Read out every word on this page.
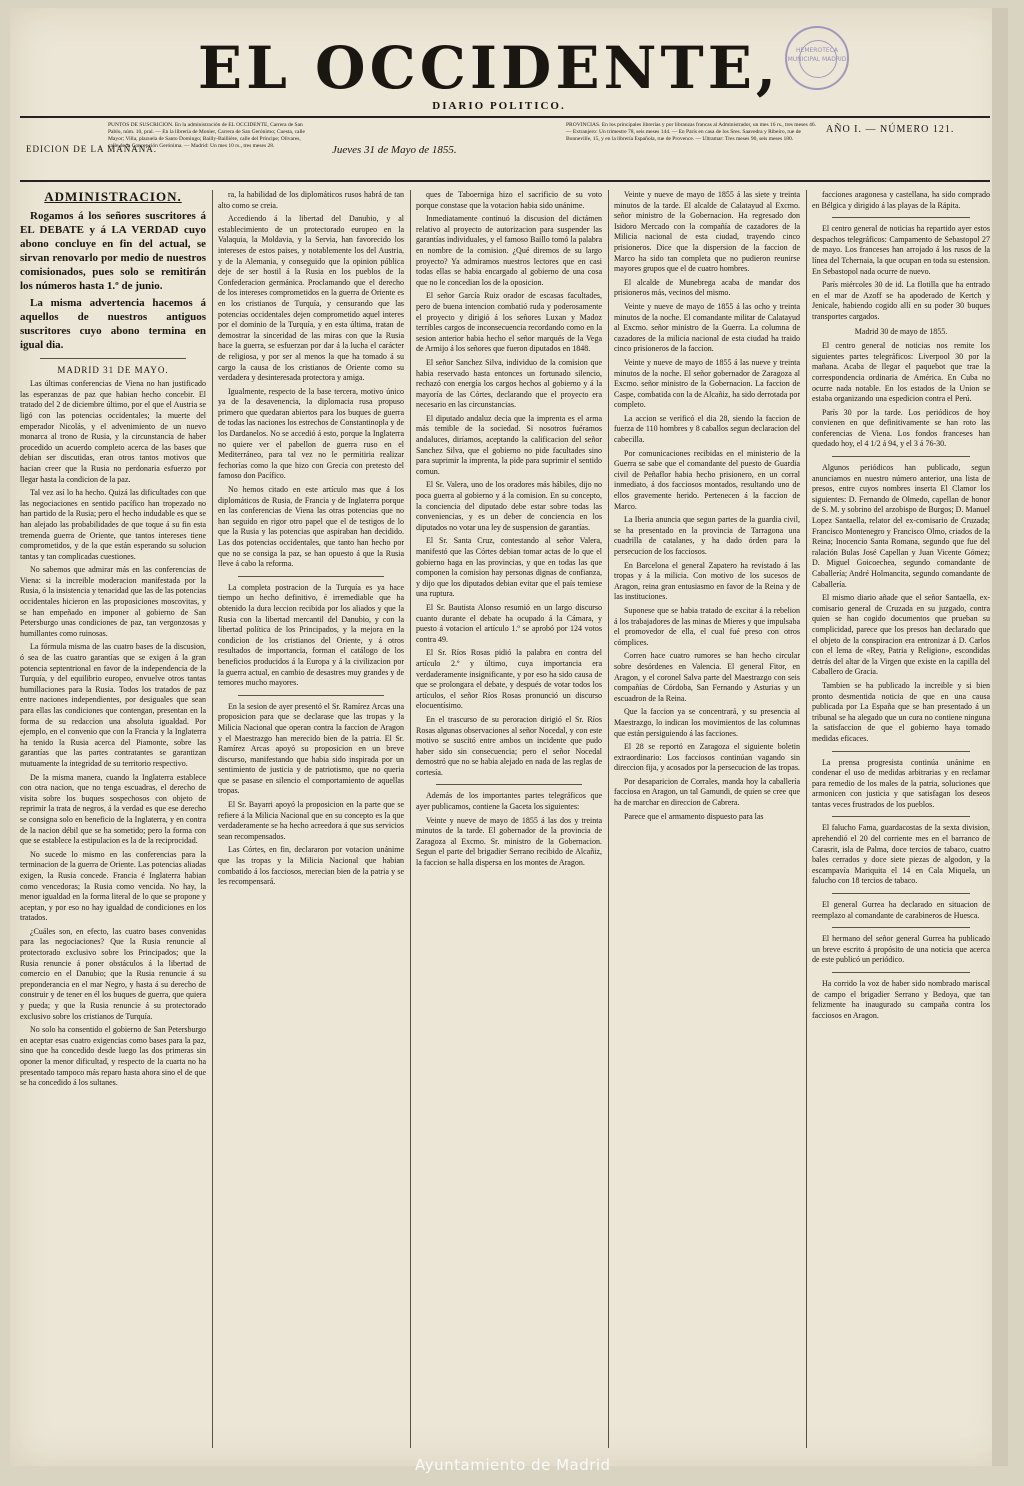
EL OCCIDENTE,
DIARIO POLITICO.
HEMEROTECA MUNICIPAL MADRID
EDICION DE LA MAÑANA.
PUNTOS DE SUSCRICION. En la administración de EL OCCIDENTE, Carrera de San Pablo, núm. 10, pral. — En la librería de Monier, Carrera de San Gerónimo; Cuesta, calle Mayor; Villa, plazuela de Santo Domingo; Bailly-Baillière, calle del Príncipe; Olivares, calle de la Concepción Gerónima. — Madrid: Un mes 10 rs., tres meses 28.	Jueves 31 de Mayo de 1855.
PROVINCIAS. En los principales librerías y por libranzas francas al Administrador, un mes 16 rs., tres meses 46. — Extranjero: Un trimestre 78, seis meses 144. — En París en casa de los Sres. Saavedra y Ribeiro, rue de Bonneville, 15, y en la librería Española, rue de Provence. — Ultramar: Tres meses 90, seis meses 180.
AÑO I. — NÚMERO 121.
ADMINISTRACION.

Rogamos á los señores suscritores á EL DEBATE y á LA VERDAD cuyo abono concluye en fin del actual, se sirvan renovarlo por medio de nuestros comisionados, pues solo se remitirán los números hasta 1.º de junio.

La misma advertencia hacemos á aquellos de nuestros antiguos suscritores cuyo abono termina en igual dia.

MADRID 31 DE MAYO.

Las últimas conferencias de Viena no han justificado las esperanzas de paz que habian hecho concebir. El tratado del 2 de diciembre último, por el que el Austria se ligó con las potencias occidentales; la muerte del emperador Nicolás, y el advenimiento de un nuevo monarca al trono de Rusia, y la circunstancia de haber procedido un acuerdo completo acerca de las bases que debian ser discutidas, eran otros tantos motivos que hacian creer que la Rusia no perdonaria esfuerzo por llegar hasta la condicion de la paz.

Tal vez así lo ha hecho. Quizá las dificultades con que las negociaciones en sentido pacífico han tropezado no han partido de la Rusia; pero el hecho indudable es que se han alejado las probabilidades de que toque á su fin esta tremenda guerra de Oriente, que tantos intereses tiene comprometidos, y de la que están esperando su solucion tantas y tan complicadas cuestiones.

No sabemos que admirar más en las conferencias de Viena: si la increible moderacion manifestada por la Rusia, ó la insistencia y tenacidad que las de las potencias occidentales hicieron en las proposiciones moscovitas, y se han empeñado en imponer al gobierno de San Petersburgo unas condiciones de paz, tan vergonzosas y humillantes como ruinosas.

La fórmula misma de las cuatro bases de la discusion, ó sea de las cuatro garantías que se exigen á la gran potencia septentrional en favor de la independencia de la Turquía, y del equilibrio europeo, envuelve otros tantas humillaciones para la Rusia. Todos los tratados de paz entre naciones independientes, por desiguales que sean para ellas las condiciones que contengan, presentan en la forma de su redaccion una absoluta igualdad. Por ejemplo, en el convenio que con la Francia y la Inglaterra ha tenido la Rusia acerca del Piamonte, sobre las garantías que las partes contratantes se garantizan mutuamente la integridad de su territorio respectivo.

De la misma manera, cuando la Inglaterra establece con otra nacion, que no tenga escuadras, el derecho de visita sobre los buques sospechosos con objeto de reprimir la trata de negros, á la verdad es que ese derecho se consigna solo en beneficio de la Inglaterra, y en contra de la nacion débil que se ha sometido; pero la forma con que se establece la estipulacion es la de la reciprocidad.

No sucede lo mismo en las conferencias para la terminacion de la guerra de Oriente. Las potencias aliadas exigen, la Rusia concede. Francia é Inglaterra habian como vencedoras; la Rusia como vencida. No hay, la menor igualdad en la forma literal de lo que se propone y aceptan, y por eso no hay igualdad de condiciones en los tratados.

¿Cuáles son, en efecto, las cuatro bases convenidas para las negociaciones? Que la Rusia renuncie al protectorado exclusivo sobre los Principados; que la Rusia renuncie á poner obstáculos á la libertad de comercio en el Danubio; que la Rusia renuncie á su preponderancia en el mar Negro, y hasta á su derecho de construir y de tener en él los buques de guerra, que quiera y pueda; y que la Rusia renuncie á su protectorado exclusivo sobre los cristianos de Turquía.

No solo ha consentido el gobierno de San Petersburgo en aceptar esas cuatro exigencias como bases para la paz, sino que ha concedido desde luego las dos primeras sin oponer la menor dificultad, y respecto de la cuarta no ha presentado tampoco más reparo hasta ahora sino el de que se ha concedido á los sultanes.

ra, la habilidad de los diplomáticos rusos habrá de tan alto como se creia.

Accediendo á la libertad del Danubio, y al establecimiento de un protectorado europeo en la Valaquia, la Moldavia, y la Servia, han favorecido los intereses de estos paises, y notablemente los del Austria, y de la Alemania, y conseguido que la opinion pública deje de ser hostil á la Rusia en los pueblos de la Confederacion germánica. Proclamando que el derecho de los intereses comprometidos en la guerra de Oriente es en los cristianos de Turquía, y censurando que las potencias occidentales dejen comprometido aquel interes por el dominio de la Turquía, y en esta última, tratan de demostrar la sinceridad de las miras con que la Rusia hace la guerra, se esfuerzan por dar á la lucha el carácter de religiosa, y por ser al menos la que ha tomado á su cargo la causa de los cristianos de Oriente como su verdadera y desinteresada protectora y amiga.

Igualmente, respecto de la base tercera, motivo único ya de la desavenencia, la diplomacia rusa propuso primero que quedaran abiertos para los buques de guerra de todas las naciones los estrechos de Constantinopla y de los Dardanelos. No se accedió á esto, porque la Inglaterra no quiere ver el pabellon de guerra ruso en el Mediterráneo, para tal vez no le permitiria realizar fechorías como la que hizo con Grecia con pretesto del famoso don Pacífico.

No hemos citado en este artículo mas que á los diplomáticos de Rusia, de Francia y de Inglaterra porque en las conferencias de Viena las otras potencias que no han seguido en rigor otro papel que el de testigos de lo que la Rusia y las potencias que aspiraban han decidido. Las dos potencias occidentales, que tanto han hecho por que no se consiga la paz, se han opuesto á que la Rusia lleve á cabo la reforma.

La completa postracion de la Turquía es ya hace tiempo un hecho definitivo, é irremediable que ha obtenido la dura leccion recibida por los aliados y que la Rusia con la libertad mercantil del Danubio, y con la libertad política de los Principados, y la mejora en la condicion de los cristianos del Oriente, y á otros resultados de importancia, forman el catálogo de los beneficios producidos á la Europa y á la civilizacion por la guerra actual, en cambio de desastres muy grandes y de temores mucho mayores.

En la sesion de ayer presentó el Sr. Ramírez Arcas una proposicion para que se declarase que las tropas y la Milicia Nacional que operan contra la faccion de Aragon y el Maestrazgo han merecido bien de la patria. El Sr. Ramírez Arcas apoyó su proposicion en un breve discurso, manifestando que habia sido inspirada por un sentimiento de justicia y de patriotismo, que no queria que se pasase en silencio el comportamiento de aquellas tropas.

El Sr. Bayarri apoyó la proposicion en la parte que se refiere á la Milicia Nacional que en su concepto es la que verdaderamente se ha hecho acreedora á que sus servicios sean recompensados.

Las Córtes, en fin, declararon por votacion unánime que las tropas y la Milicia Nacional que habian combatido á los facciosos, merecian bien de la patria y se les recompensará.

ques de Taboerniga hizo el sacrificio de su voto porque constase que la votacion habia sido unánime.

Inmediatamente continuó la discusion del dictámen relativo al proyecto de autorizacion para suspender las garantías individuales, y el famoso Baillo tomó la palabra en nombre de la comision. ¿Qué diremos de su largo proyecto? Ya admiramos nuestros lectores que en casi todas ellas se habia encargado al gobierno de una cosa que no le concedian los de la oposicion.

El señor García Ruiz orador de escasas facultades, pero de buena intencion combatió ruda y poderosamente el proyecto y dirigió á los señores Luxan y Madoz terribles cargos de inconsecuencia recordando como en la sesion anterior habia hecho el señor marqués de la Vega de Armijo á los señores que fueron diputados en 1848.

El señor Sanchez Silva, individuo de la comision que habia reservado hasta entonces un fortunado silencio, rechazó con energía los cargos hechos al gobierno y á la mayoría de las Córtes, declarando que el proyecto era necesario en las circunstancias.

El diputado andaluz decia que la imprenta es el arma más temible de la sociedad. Si nosotros fuéramos andaluces, diríamos, aceptando la calificacion del señor Sanchez Silva, que el gobierno no pide facultades sino para suprimir la imprenta, la pide para suprimir el sentido comun.

El Sr. Valera, uno de los oradores más hábiles, dijo no poca guerra al gobierno y á la comision. En su concepto, la conciencia del diputado debe estar sobre todas las conveniencias, y es un deber de conciencia en los diputados no votar una ley de suspension de garantías.

El Sr. Santa Cruz, contestando al señor Valera, manifestó que las Córtes debian tomar actas de lo que el gobierno haga en las provincias, y que en todas las que componen la comision hay personas dignas de confianza, y dijo que los diputados debian evitar que el país temiese una ruptura.

El Sr. Bautista Alonso resumió en un largo discurso cuanto durante el debate ha ocupado á la Cámara, y puesto á votacion el artículo 1.º se aprobó por 124 votos contra 49.

El Sr. Ríos Rosas pidió la palabra en contra del artículo 2.º y último, cuya importancia era verdaderamente insignificante, y por eso ha sido causa de que se prolongara el debate, y después de votar todos los artículos, el señor Ríos Rosas pronunció un discurso elocuentísimo.

En el trascurso de su peroracion dirigió el Sr. Ríos Rosas algunas observaciones al señor Nocedal, y con este motivo se suscitó entre ambos un incidente que pudo haber sido sin consecuencia; pero el señor Nocedal demostró que no se habia alejado en nada de las reglas de cortesía.

Además de los importantes partes telegráficos que ayer publicamos, contiene la Gaceta los siguientes:

Veinte y nueve de mayo de 1855 á las dos y treinta minutos de la tarde. El gobernador de la provincia de Zaragoza al Excmo. Sr. ministro de la Gobernacion. Segun el parte del brigadier Serrano recibido de Alcañiz, la faccion se halla dispersa en los montes de Aragon.

Veinte y nueve de mayo de 1855 á las siete y treinta minutos de la tarde. El alcalde de Calatayud al Excmo. señor ministro de la Gobernacion. Ha regresado don Isidoro Mercado con la compañía de cazadores de la Milicia nacional de esta ciudad, trayendo cinco prisioneros. Dice que la dispersion de la faccion de Marco ha sido tan completa que no pudieron reunirse mayores grupos que el de cuatro hombres.

El alcalde de Munebrega acaba de mandar dos prisioneros más, vecinos del mismo.

Veinte y nueve de mayo de 1855 á las ocho y treinta minutos de la noche. El comandante militar de Calatayud al Excmo. señor ministro de la Guerra. La columna de cazadores de la milicia nacional de esta ciudad ha traido cinco prisioneros de la faccion.

Veinte y nueve de mayo de 1855 á las nueve y treinta minutos de la noche. El señor gobernador de Zaragoza al Excmo. señor ministro de la Gobernacion. La faccion de Caspe, combatida con la de Alcañiz, ha sido derrotada por completo.

La accion se verificó el dia 28, siendo la faccion de fuerza de 110 hombres y 8 caballos segun declaracion del cabecilla.

Por comunicaciones recibidas en el ministerio de la Guerra se sabe que el comandante del puesto de Guardia civil de Peñaflor habia hecho prisionero, en un corral inmediato, á dos facciosos montados, resultando uno de ellos gravemente herido. Pertenecen á la faccion de Marco.

La Iberia anuncia que segun partes de la guardia civil, se ha presentado en la provincia de Tarragona una cuadrilla de catalanes, y ha dado órden para la persecucion de los facciosos.

En Barcelona el general Zapatero ha revistado á las tropas y á la milicia. Con motivo de los sucesos de Aragon, reina gran entusiasmo en favor de la Reina y de las instituciones.

Suponese que se habia tratado de excitar á la rebelion á los trabajadores de las minas de Mieres y que impulsaba el promovedor de ella, el cual fué preso con otros cómplices.

Corren hace cuatro rumores se han hecho circular sobre desórdenes en Valencia. El general Fitor, en Aragon, y el coronel Salva parte del Maestrazgo con seis compañías de Córdoba, San Fernando y Asturias y un escuadron de la Reina.

Que la faccion ya se concentrará, y su presencia al Maestrazgo, lo indican los movimientos de las columnas que están persiguiendo á las facciones.

El 28 se reportó en Zaragoza el siguiente boletin extraordinario: Los facciosos continúan vagando sin direccion fija, y acosados por la persecucion de las tropas.

Por desaparicion de Corrales, manda hoy la caballería facciosa en Aragon, un tal Gamundi, de quien se cree que ha de marchar en direccion de Cabrera.

Parece que el armamento dispuesto para las

facciones aragonesa y castellana, ha sido comprado en Bélgica y dirigido á las playas de la Rápita.

El centro general de noticias ha repartido ayer estos despachos telegráficos: Campamento de Sebastopol 27 de mayo. Los franceses han arrojado á los rusos de la línea del Tchernaia, la que ocupan en toda su estension. En Sebastopol nada ocurre de nuevo.

París miércoles 30 de id. La flotilla que ha entrado en el mar de Azoff se ha apoderado de Kertch y Jenicale, habiendo cogido allí en su poder 30 buques transportes cargados.

Madrid 30 de mayo de 1855.

El centro general de noticias nos remite los siguientes partes telegráficos: Liverpool 30 por la mañana. Acaba de llegar el paquebot que trae la correspondencia ordinaria de América. En Cuba no ocurre nada notable. En los estados de la Union se estaba organizando una espedicion contra el Perú.

París 30 por la tarde. Los periódicos de hoy convienen en que definitivamente se han roto las conferencias de Viena. Los fondos franceses han quedado hoy, el 4 1/2 á 94, y el 3 á 76-30.

Algunos periódicos han publicado, segun anunciamos en nuestro número anterior, una lista de presos, entre cuyos nombres inserta El Clamor los siguientes: D. Fernando de Olmedo, capellan de honor de S. M. y sobrino del arzobispo de Burgos; D. Manuel Lopez Santaella, relator del ex-comisario de Cruzada; Francisco Montenegro y Francisco Olmo, criados de la Reina; Inocencio Santa Romana, segundo que fue del ralación Bulas José Capellan y Juan Vicente Gómez; D. Miguel Goicoechea, segundo comandante de Caballería; André Holmancita, segundo comandante de Caballería.

El mismo diario añade que el señor Santaella, ex-comisario general de Cruzada en su juzgado, contra quien se han cogido documentos que prueban su complicidad, parece que los presos han declarado que el objeto de la conspiracion era entronizar á D. Carlos con el lema de «Rey, Patria y Religion», escondidas detrás del altar de la Virgen que existe en la capilla del Caballero de Gracia.

Tambien se ha publicado la increible y si bien pronto desmentida noticia de que en una causa publicada por La España que se han presentado á un tribunal se ha alegado que un cura no contiene ninguna la satisfaccion de que el gobierno haya tomado medidas eficaces.

La prensa progresista continúa unánime en condenar el uso de medidas arbitrarias y en reclamar para remedio de los males de la patria, soluciones que armonicen con justicia y que satisfagan los deseos tantas veces frustrados de los pueblos.

El falucho Fama, guardacostas de la sexta division, aprehendió el 20 del corriente mes en el barranco de Carasrit, isla de Palma, doce tercios de tabaco, cuatro bales cerrados y doce siete piezas de algodon, y la escampavía Mariquita el 14 en Cala Miquela, un falucho con 18 tercios de tabaco.

El general Gurrea ha declarado en situacion de reemplazo al comandante de carabineros de Huesca.

El hermano del señor general Gurrea ha publicado un breve escrito á propósito de una noticia que acerca de este publicó un periódico.

Ha corrido la voz de haber sido nombrado mariscal de campo el brigadier Serrano y Bedoya, que tan felizmente ha inaugurado su campaña contra los facciosos en Aragon.

Ayuntamiento de Madrid
